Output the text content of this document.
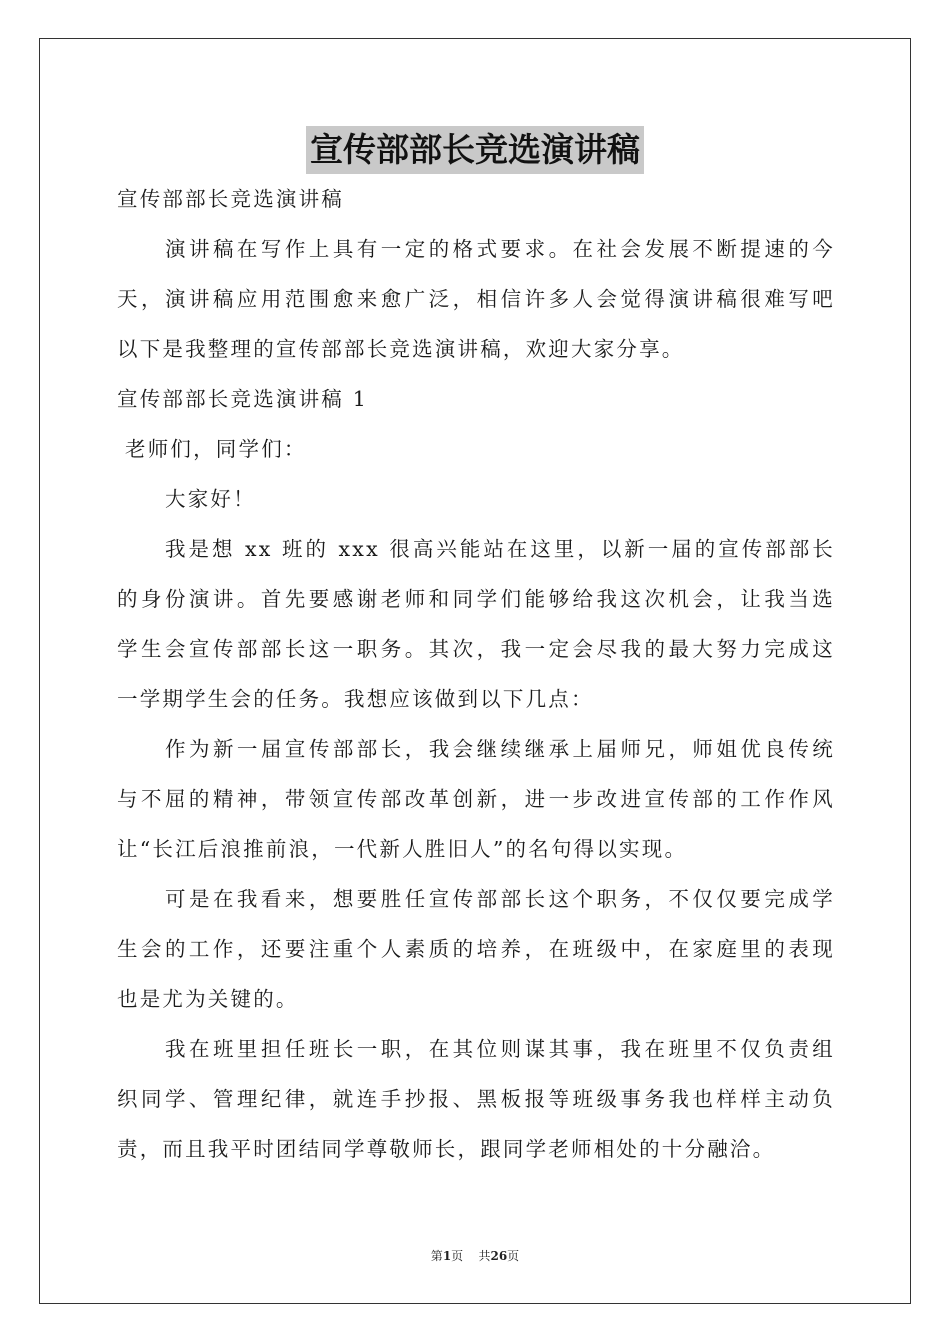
宣传部部长竞选演讲稿

宣传部部长竞选演讲稿

演讲稿在写作上具有一定的格式要求。在社会发展不断提速的今

天，演讲稿应用范围愈来愈广泛，相信许多人会觉得演讲稿很难写吧

以下是我整理的宣传部部长竞选演讲稿，欢迎大家分享。

宣传部部长竞选演讲稿 1

老师们，同学们：

大家好！

我是想 xx 班的 xxx 很高兴能站在这里，以新一届的宣传部部长

的身份演讲。首先要感谢老师和同学们能够给我这次机会，让我当选

学生会宣传部部长这一职务。其次，我一定会尽我的最大努力完成这

一学期学生会的任务。我想应该做到以下几点：

作为新一届宣传部部长，我会继续继承上届师兄，师姐优良传统

与不屈的精神，带领宣传部改革创新，进一步改进宣传部的工作作风

让“长江后浪推前浪，一代新人胜旧人”的名句得以实现。

可是在我看来，想要胜任宣传部部长这个职务，不仅仅要完成学

生会的工作，还要注重个人素质的培养，在班级中，在家庭里的表现

也是尤为关键的。

我在班里担任班长一职，在其位则谋其事，我在班里不仅负责组

织同学、管理纪律，就连手抄报、黑板报等班级事务我也样样主动负

责，而且我平时团结同学尊敬师长，跟同学老师相处的十分融洽。

第1页 共26页
